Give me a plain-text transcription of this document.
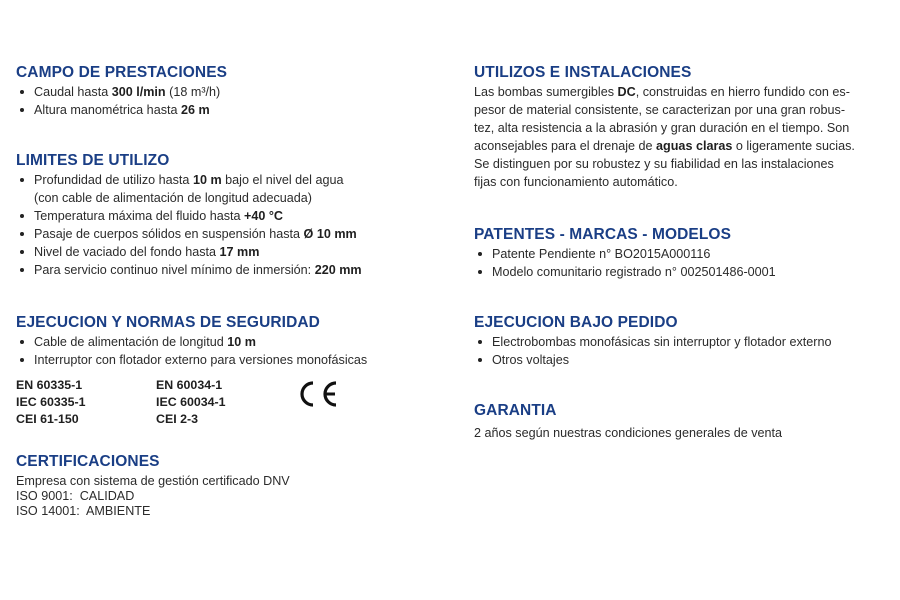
CAMPO DE PRESTACIONES
Caudal hasta 300 l/min (18 m³/h)
Altura manométrica hasta 26 m
LIMITES DE UTILIZO
Profundidad de utilizo hasta 10 m bajo el nivel del agua
(con cable de alimentación de longitud adecuada)
Temperatura máxima del fluido hasta +40 °C
Pasaje de cuerpos sólidos en suspensión hasta Ø 10 mm
Nivel de vaciado del fondo hasta 17 mm
Para servicio continuo nivel mínimo de inmersión: 220 mm
EJECUCION Y NORMAS DE SEGURIDAD
Cable de alimentación de longitud 10 m
Interruptor con flotador externo para versiones monofásicas
EN 60335-1
IEC 60335-1
CEI 61-150
EN 60034-1
IEC 60034-1
CEI 2-3
CERTIFICACIONES
Empresa con sistema de gestión certificado DNV
ISO 9001:  CALIDAD
ISO 14001:  AMBIENTE
UTILIZOS E INSTALACIONES
Las bombas sumergibles DC, construidas en hierro fundido con es-
pesor de material consistente, se caracterizan por una gran robus-
tez, alta resistencia a la abrasión y gran duración en el tiempo. Son
aconsejables para el drenaje de aguas claras o ligeramente sucias.
Se distinguen por su robustez y su fiabilidad en las instalaciones
fijas con funcionamiento automático.
PATENTES - MARCAS - MODELOS
Patente Pendiente n° BO2015A000116
Modelo comunitario registrado n° 002501486-0001
EJECUCION BAJO PEDIDO
Electrobombas monofásicas sin interruptor y flotador externo
Otros voltajes
GARANTIA
2 años según nuestras condiciones generales de venta
